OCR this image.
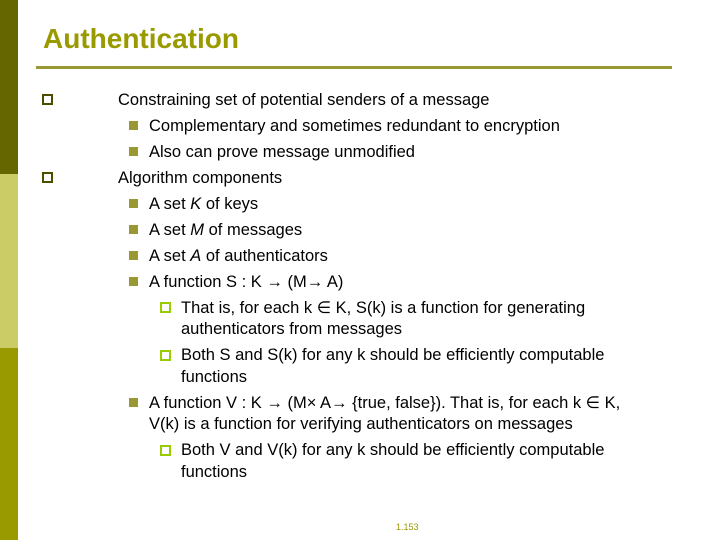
Authentication
Constraining set of potential senders of a message
Complementary and sometimes redundant to encryption
Also can prove message unmodified
Algorithm components
A set K of keys
A set M of messages
A set A of authenticators
A function S : K → (M→ A)
That is, for each k ∈ K, S(k) is a function for generating
authenticators from messages
Both S and S(k) for any k should be efficiently computable
functions
A function V : K → (M× A→ {true, false}). That is, for each k ∈ K,
V(k) is a function for verifying authenticators on messages
Both V and V(k) for any k should be efficiently computable
functions
1.153
